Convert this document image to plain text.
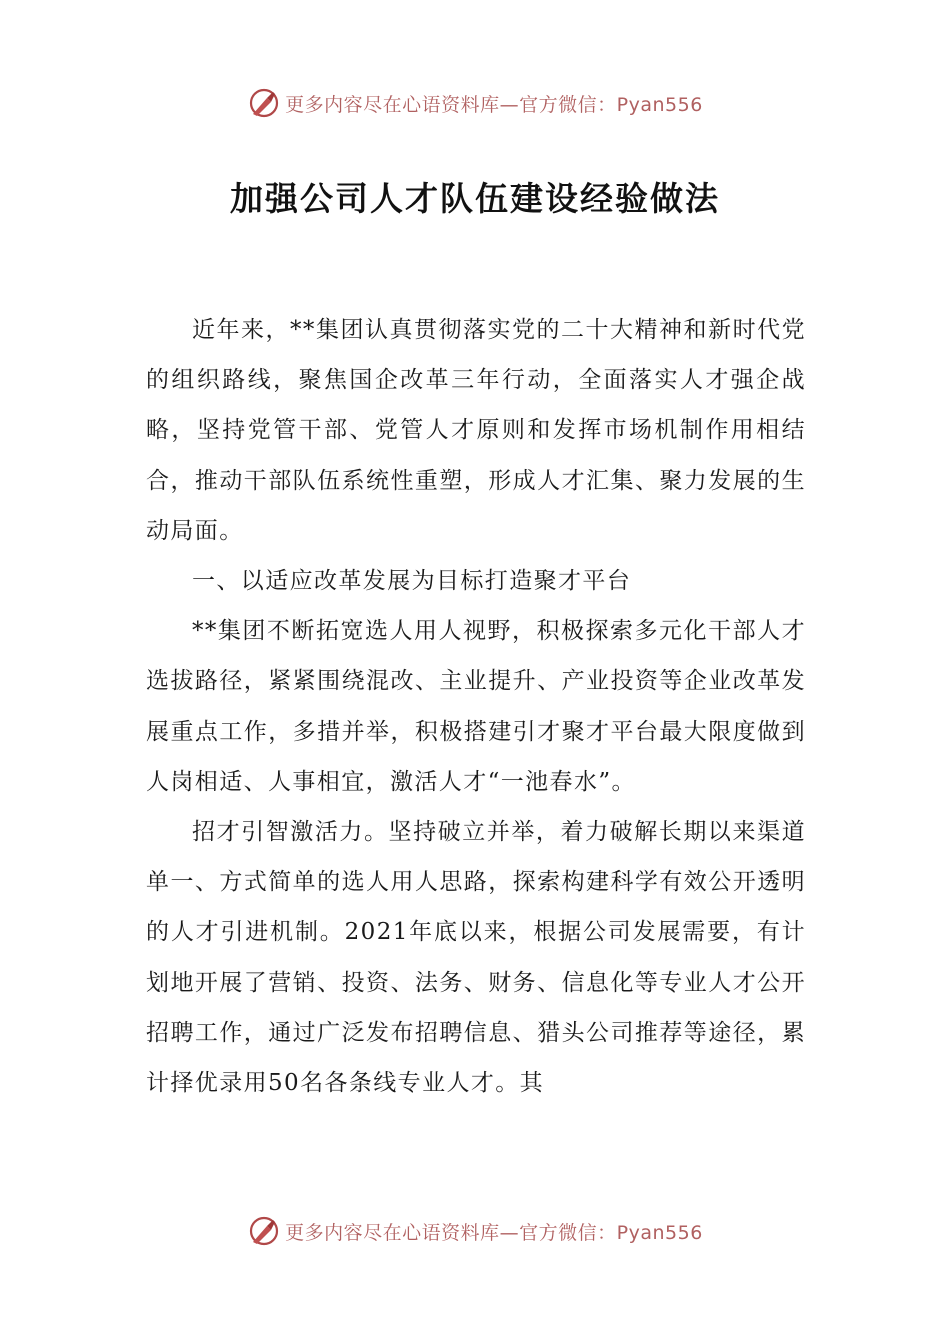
更多内容尽在心语资料库—官方微信：Pyan556
加强公司人才队伍建设经验做法

近年来，**集团认真贯彻落实党的二十大精神和新时代党的组织路线，聚焦国企改革三年行动，全面落实人才强企战略，坚持党管干部、党管人才原则和发挥市场机制作用相结合，推动干部队伍系统性重塑，形成人才汇集、聚力发展的生动局面。

一、以适应改革发展为目标打造聚才平台

**集团不断拓宽选人用人视野，积极探索多元化干部人才选拔路径，紧紧围绕混改、主业提升、产业投资等企业改革发展重点工作，多措并举，积极搭建引才聚才平台最大限度做到人岗相适、人事相宜，激活人才“一池春水”。

招才引智激活力。坚持破立并举，着力破解长期以来渠道单一、方式简单的选人用人思路，探索构建科学有效公开透明的人才引进机制。2021年底以来，根据公司发展需要，有计划地开展了营销、投资、法务、财务、信息化等专业人才公开招聘工作，通过广泛发布招聘信息、猎头公司推荐等途径，累计择优录用50名各条线专业人才。其

更多内容尽在心语资料库—官方微信：Pyan556
